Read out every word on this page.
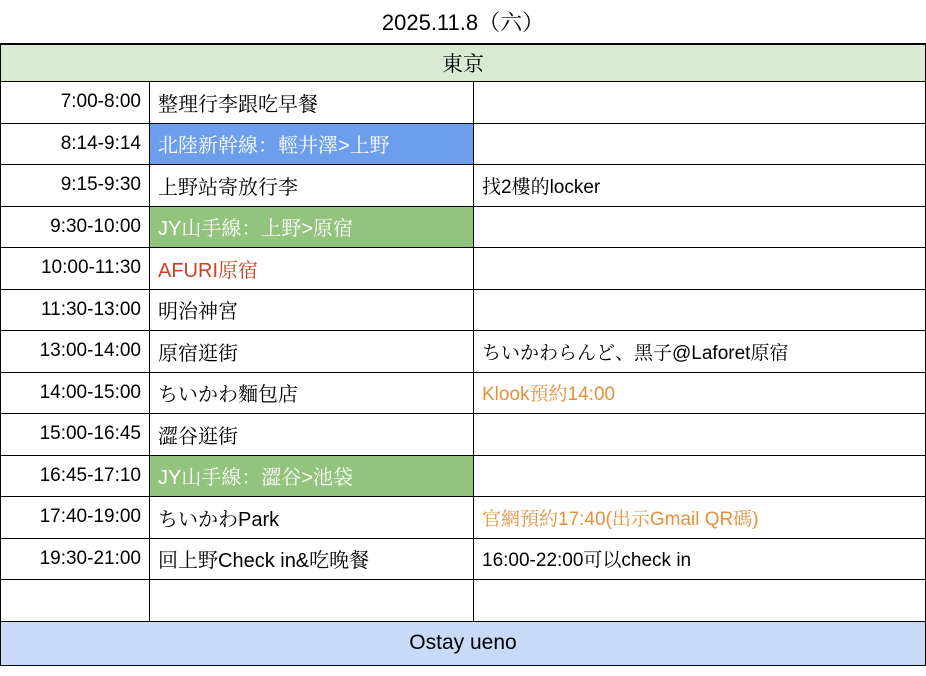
2025.11.8（六）
東京
7:00-8:00 整理行李跟吃早餐
8:14-9:14 北陸新幹線：輕井澤>上野
9:15-9:30 上野站寄放行李	找2樓的locker
9:30-10:00 JY山手線：上野>原宿
10:00-11:30 AFURI原宿
11:30-13:00 明治神宮
13:00-14:00 原宿逛街	ちいかわらんど、黑子@Laforet原宿
14:00-15:00 ちいかわ麵包店	Klook預約14:00
15:00-16:45 澀谷逛街
16:45-17:10 JY山手線：澀谷>池袋
17:40-19:00 ちいかわPark	官網預約17:40(出示Gmail QR碼)
19:30-21:00 回上野Check in&吃晚餐	16:00-22:00可以check in
Ostay ueno
